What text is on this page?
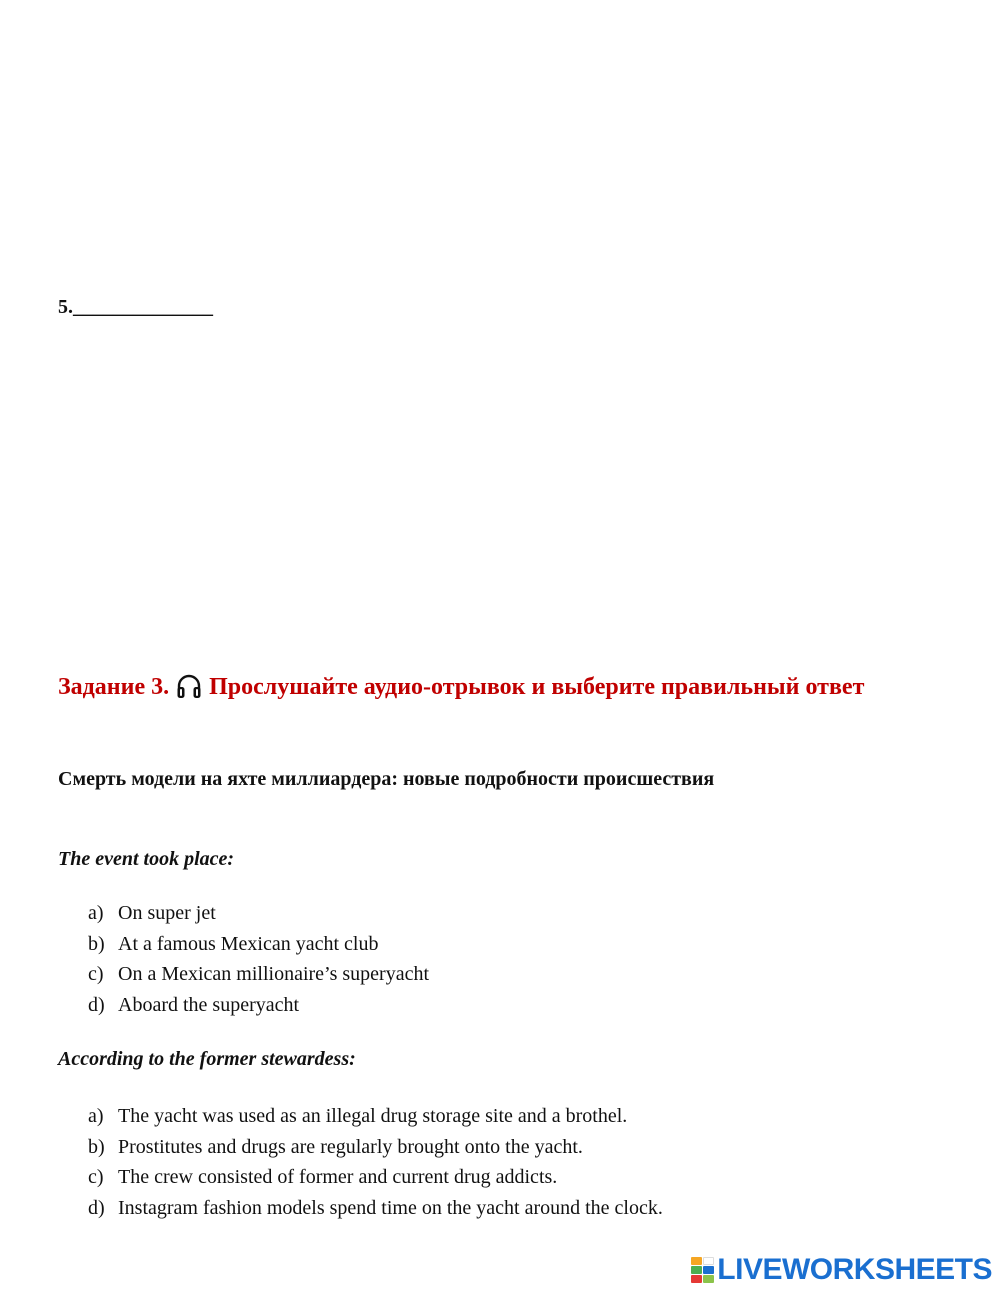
5.______________
Задание 3. Прослушайте аудио-отрывок и выберите правильный ответ
Смерть модели на яхте миллиардера: новые подробности происшествия
The event took place:
a) On super jet
b) At a famous Mexican yacht club
c) On a Mexican millionaire’s superyacht
d) Aboard the superyacht
According to the former stewardess:
a) The yacht was used as an illegal drug storage site and a brothel.
b) Prostitutes and drugs are regularly brought onto the yacht.
c) The crew consisted of former and current drug addicts.
d) Instagram fashion models spend time on the yacht around the clock.
LIVEWORKSHEETS
